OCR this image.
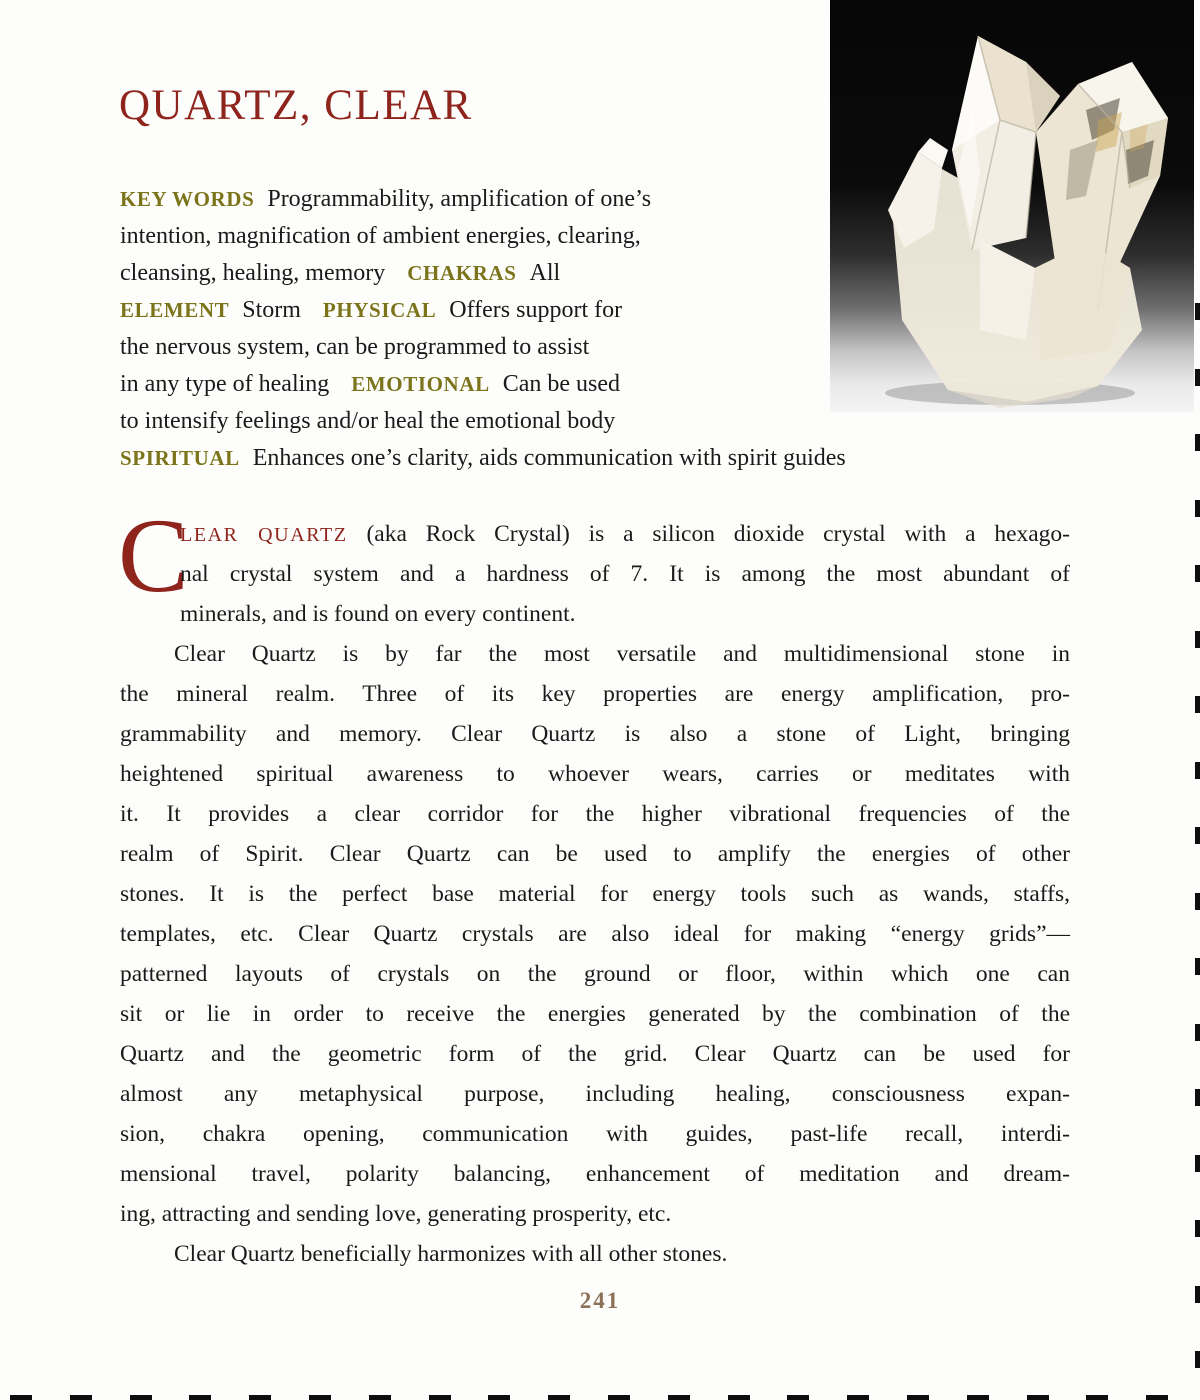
QUARTZ, CLEAR
KEY WORDS Programmability, amplification of one’s
intention, magnification of ambient energies, clearing,
cleansing, healing, memory CHAKRAS All
ELEMENT Storm PHYSICAL Offers support for
the nervous system, can be programmed to assist
in any type of healing EMOTIONAL Can be used
to intensify feelings and/or heal the emotional body
SPIRITUAL Enhances one’s clarity, aids communication with spirit guides
C
LEAR QUARTZ (aka Rock Crystal) is a silicon dioxide crystal with a hexago-
nal crystal system and a hardness of 7. It is among the most abundant of
minerals, and is found on every continent.
Clear Quartz is by far the most versatile and multidimensional stone in
the mineral realm. Three of its key properties are energy amplification, pro-
grammability and memory. Clear Quartz is also a stone of Light, bringing
heightened spiritual awareness to whoever wears, carries or meditates with
it. It provides a clear corridor for the higher vibrational frequencies of the
realm of Spirit. Clear Quartz can be used to amplify the energies of other
stones. It is the perfect base material for energy tools such as wands, staffs,
templates, etc. Clear Quartz crystals are also ideal for making “energy grids”—
patterned layouts of crystals on the ground or floor, within which one can
sit or lie in order to receive the energies generated by the combination of the
Quartz and the geometric form of the grid. Clear Quartz can be used for
almost any metaphysical purpose, including healing, consciousness expan-
sion, chakra opening, communication with guides, past-life recall, interdi-
mensional travel, polarity balancing, enhancement of meditation and dream-
ing, attracting and sending love, generating prosperity, etc.
Clear Quartz beneficially harmonizes with all other stones.
241
